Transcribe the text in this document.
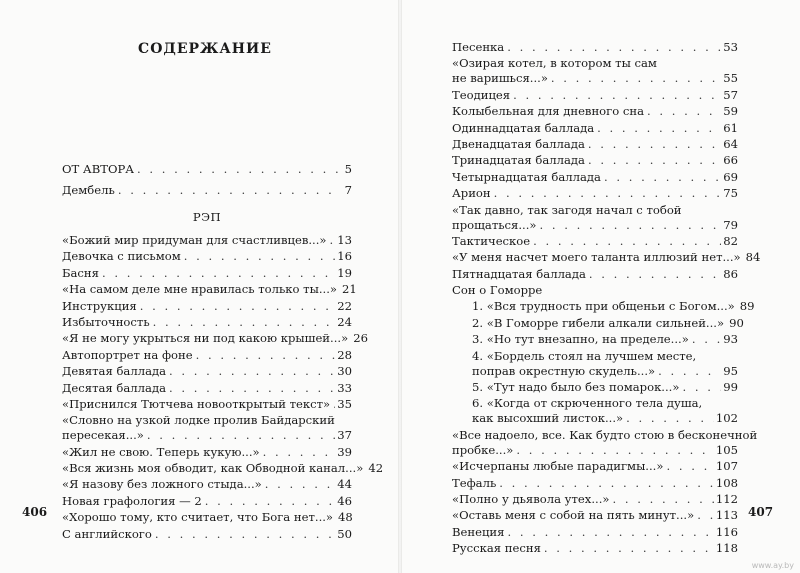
СОДЕРЖАНИЕ
ОТ АВТОРА . . .	5
Дембель . . .	7
РЭП
«Божий мир придуман для счастливцев...» . . . 13
Девочка с письмом . . .	16
Басня . . .	19
«На самом деле мне нравилась только ты...» 21
Инструкция . . .	22
Избыточность . . .	24
«Я не могу укрыться ни под какою крышей...» 26
Автопортрет на фоне . . .	28
Девятая баллада . . .	30
Десятая баллада . . .	33
«Приснился Тютчева новооткрытый текст» . . . 35
«Словно на узкой лодке пролив Байдарский
пересекая...» . . .	37
«Жил не свою. Теперь кукую...» . . .	39
«Вся жизнь моя обводит, как Обводной канал...» 42
«Я назову без ложного стыда...» . . .	44
Новая графология — 2 . . .	46
«Хорошо тому, кто считает, что Бога нет...» 48
С английского . . .	50
406	407
Песенка . . .	53
«Озирая котел, в котором ты сам
не варишься...» . . .	55
Теодицея . . .	57
Колыбельная для дневного сна . . .	59
Одиннадцатая баллада . . .	61
Двенадцатая баллада . . .	64
Тринадцатая баллада . . .	66
Четырнадцатая баллада . . .	69
Арион . . .	75
«Так давно, так загодя начал с тобой
прощаться...» . . .	79
Тактическое . . .	82
«У меня насчет моего таланта иллюзий нет...» 84
Пятнадцатая баллада . . .	86
Сон о Гоморре
1. «Вся трудность при общеньи с Богом...» 89
2. «В Гоморре гибели алкали сильней...» 90
3. «Но тут внезапно, на пределе...» . . .	93
4. «Бордель стоял на лучшем месте,
поправ окрестную скудель...» . . .	95
5. «Тут надо было без помарок...» . . .	99
6. «Когда от скрюченного тела душа,
как высохший листок...» . . .	102
«Все надоело, все. Как будто стою в бесконечной
пробке...» . . .	105
«Исчерпаны любые парадигмы...» . . .	107
Тефаль . . .	108
«Полно у дьявола утех...» . . .	112
«Оставь меня с собой на пять минут...» . . . 113
Венеция . . .	116
Русская песня . . .	118
www.ay.by
